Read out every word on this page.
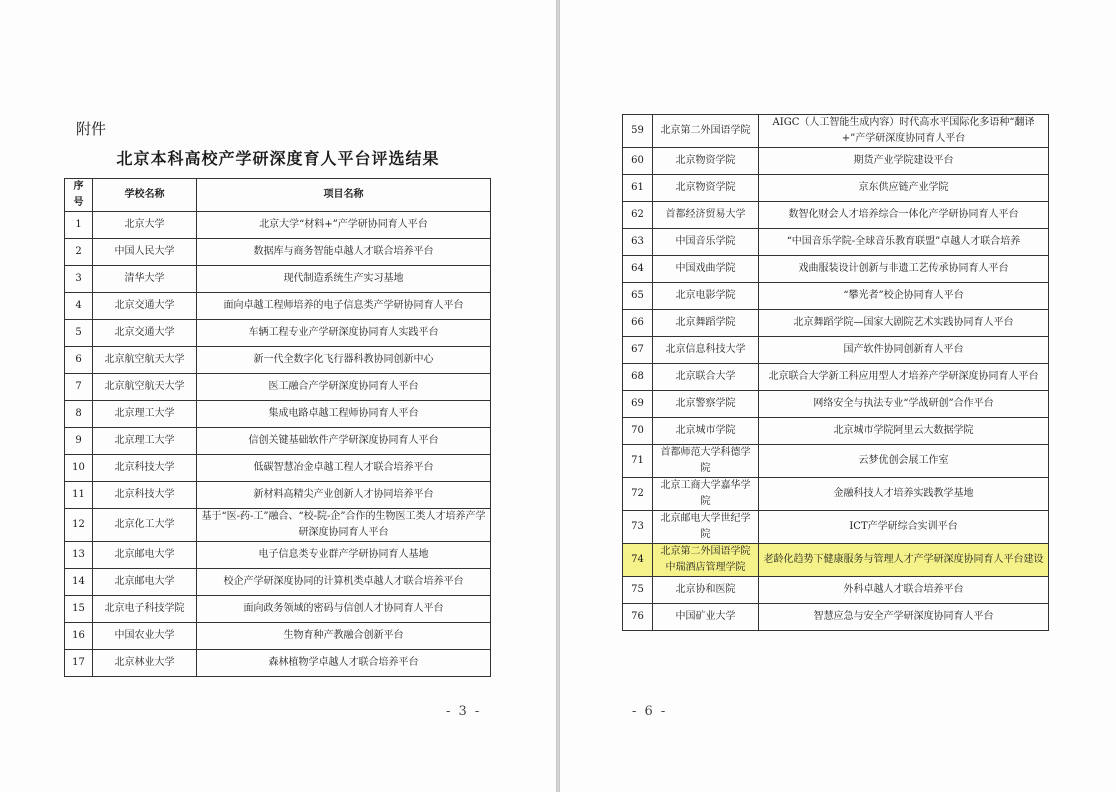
附件
北京本科高校产学研深度育人平台评选结果
序号	学校名称	项目名称
1	北京大学	北京大学“材料+”产学研协同育人平台
2	中国人民大学	数据库与商务智能卓越人才联合培养平台
3	清华大学	现代制造系统生产实习基地
4	北京交通大学	面向卓越工程师培养的电子信息类产学研协同育人平台
5	北京交通大学	车辆工程专业产学研深度协同育人实践平台
6	北京航空航天大学	新一代全数字化飞行器科教协同创新中心
7	北京航空航天大学	医工融合产学研深度协同育人平台
8	北京理工大学	集成电路卓越工程师协同育人平台
9	北京理工大学	信创关键基础软件产学研深度协同育人平台
10	北京科技大学	低碳智慧冶金卓越工程人才联合培养平台
11	北京科技大学	新材料高精尖产业创新人才协同培养平台
12	北京化工大学	基于“医-药-工”融合、“校-院-企”合作的生物医工类人才培养产学研深度协同育人平台
13	北京邮电大学	电子信息类专业群产学研协同育人基地
14	北京邮电大学	校企产学研深度协同的计算机类卓越人才联合培养平台
15	北京电子科技学院	面向政务领域的密码与信创人才协同育人平台
16	中国农业大学	生物育种产教融合创新平台
17	北京林业大学	森林植物学卓越人才联合培养平台
- 3 -
59	北京第二外国语学院	AIGC（人工智能生成内容）时代高水平国际化多语种“翻译+”产学研深度协同育人平台
60	北京物资学院	期货产业学院建设平台
61	北京物资学院	京东供应链产业学院
62	首都经济贸易大学	数智化财会人才培养综合一体化产学研协同育人平台
63	中国音乐学院	“中国音乐学院-全球音乐教育联盟”卓越人才联合培养
64	中国戏曲学院	戏曲服装设计创新与非遗工艺传承协同育人平台
65	北京电影学院	“攀光者”校企协同育人平台
66	北京舞蹈学院	北京舞蹈学院—国家大剧院艺术实践协同育人平台
67	北京信息科技大学	国产软件协同创新育人平台
68	北京联合大学	北京联合大学新工科应用型人才培养产学研深度协同育人平台
69	北京警察学院	网络安全与执法专业“学战研创”合作平台
70	北京城市学院	北京城市学院阿里云大数据学院
71	首都师范大学科德学院	云梦优创会展工作室
72	北京工商大学嘉华学院	金融科技人才培养实践教学基地
73	北京邮电大学世纪学院	ICT产学研综合实训平台
74	北京第二外国语学院中瑞酒店管理学院	老龄化趋势下健康服务与管理人才产学研深度协同育人平台建设
75	北京协和医院	外科卓越人才联合培养平台
76	中国矿业大学	智慧应急与安全产学研深度协同育人平台
- 6 -
